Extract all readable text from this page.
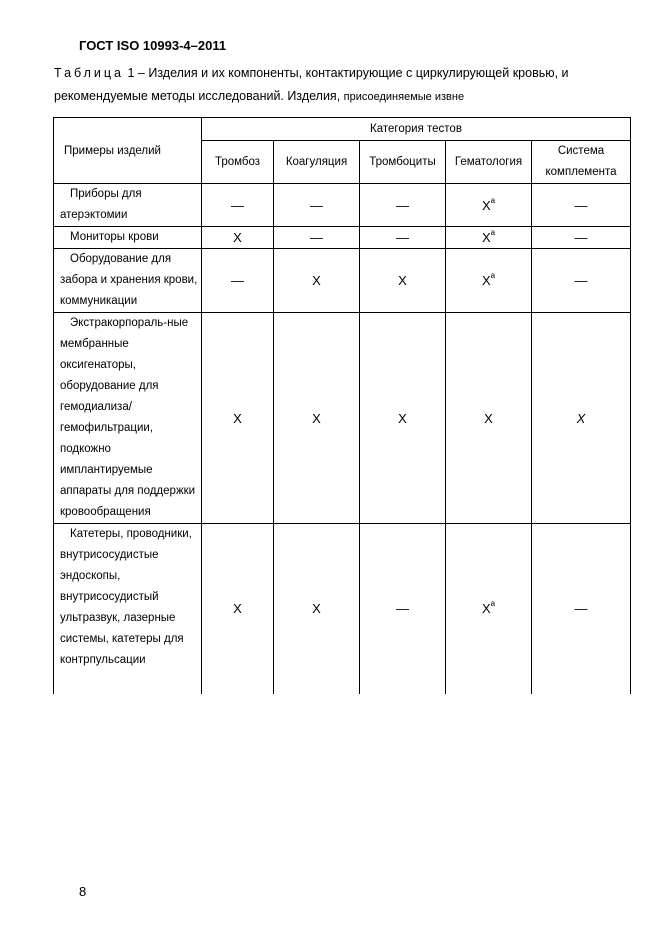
ГОСТ ISO 10993-4–2011
Таблица 1 – Изделия и их компоненты, контактирующие с циркулирующей кровью, и
рекомендуемые методы исследований. Изделия, присоединяемые извне
Примеры изделий	Категория тестов				
	Тромбоз	Коагуляция	Тромбоциты	Гематология	Система комплемента
Приборы для атерэктомии	—	—	—	$X^a$	—
Мониторы крови	X	—	—	$X^a$	—
Оборудование для забора и хранения крови, коммуникации	—	X	X	$X^a$	—
Экстракорпораль-ные мембранные оксигенаторы, оборудование для гемодиализа/ гемофильтрации, подкожно имплантируемые аппараты для поддержки кровообращения	X	X	X	X	X
Катетеры, проводники, внутрисосудистые эндоскопы, внутрисосудистый ультразвук, лазерные системы, катетеры для контрпульсации	X	X	—	$X^a$	—
8
